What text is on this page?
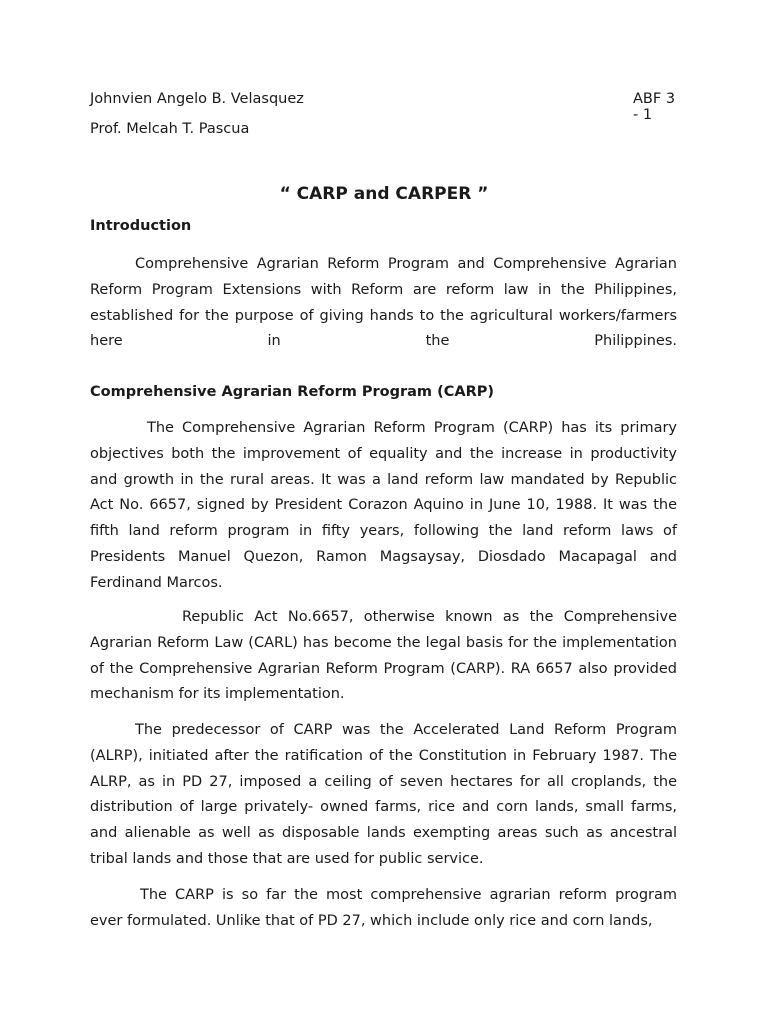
Johnvien Angelo B. Velasquez	ABF 3 - 1
Prof. Melcah T. Pascua
“ CARP and CARPER ”
Introduction

Comprehensive Agrarian Reform Program and Comprehensive Agrarian Reform Program Extensions with Reform are reform law in the Philippines, established for the purpose of giving hands to the agricultural workers/farmers here in the Philippines.

Comprehensive Agrarian Reform Program (CARP)

The Comprehensive Agrarian Reform Program (CARP) has its primary objectives both the improvement of equality and the increase in productivity and growth in the rural areas. It was a land reform law mandated by Republic Act No. 6657, signed by President Corazon Aquino in June 10, 1988. It was the fifth land reform program in fifty years, following the land reform laws of Presidents Manuel Quezon, Ramon Magsaysay, Diosdado Macapagal and Ferdinand Marcos.

Republic Act No.6657, otherwise known as the Comprehensive Agrarian Reform Law (CARL) has become the legal basis for the implementation of the Comprehensive Agrarian Reform Program (CARP). RA 6657 also provided mechanism for its implementation.

The predecessor of CARP was the Accelerated Land Reform Program (ALRP), initiated after the ratification of the Constitution in February 1987. The ALRP, as in PD 27, imposed a ceiling of seven hectares for all croplands, the distribution of large privately- owned farms, rice and corn lands, small farms, and alienable as well as disposable lands exempting areas such as ancestral tribal lands and those that are used for public service.

The CARP is so far the most comprehensive agrarian reform program ever formulated. Unlike that of PD 27, which include only rice and corn lands,
